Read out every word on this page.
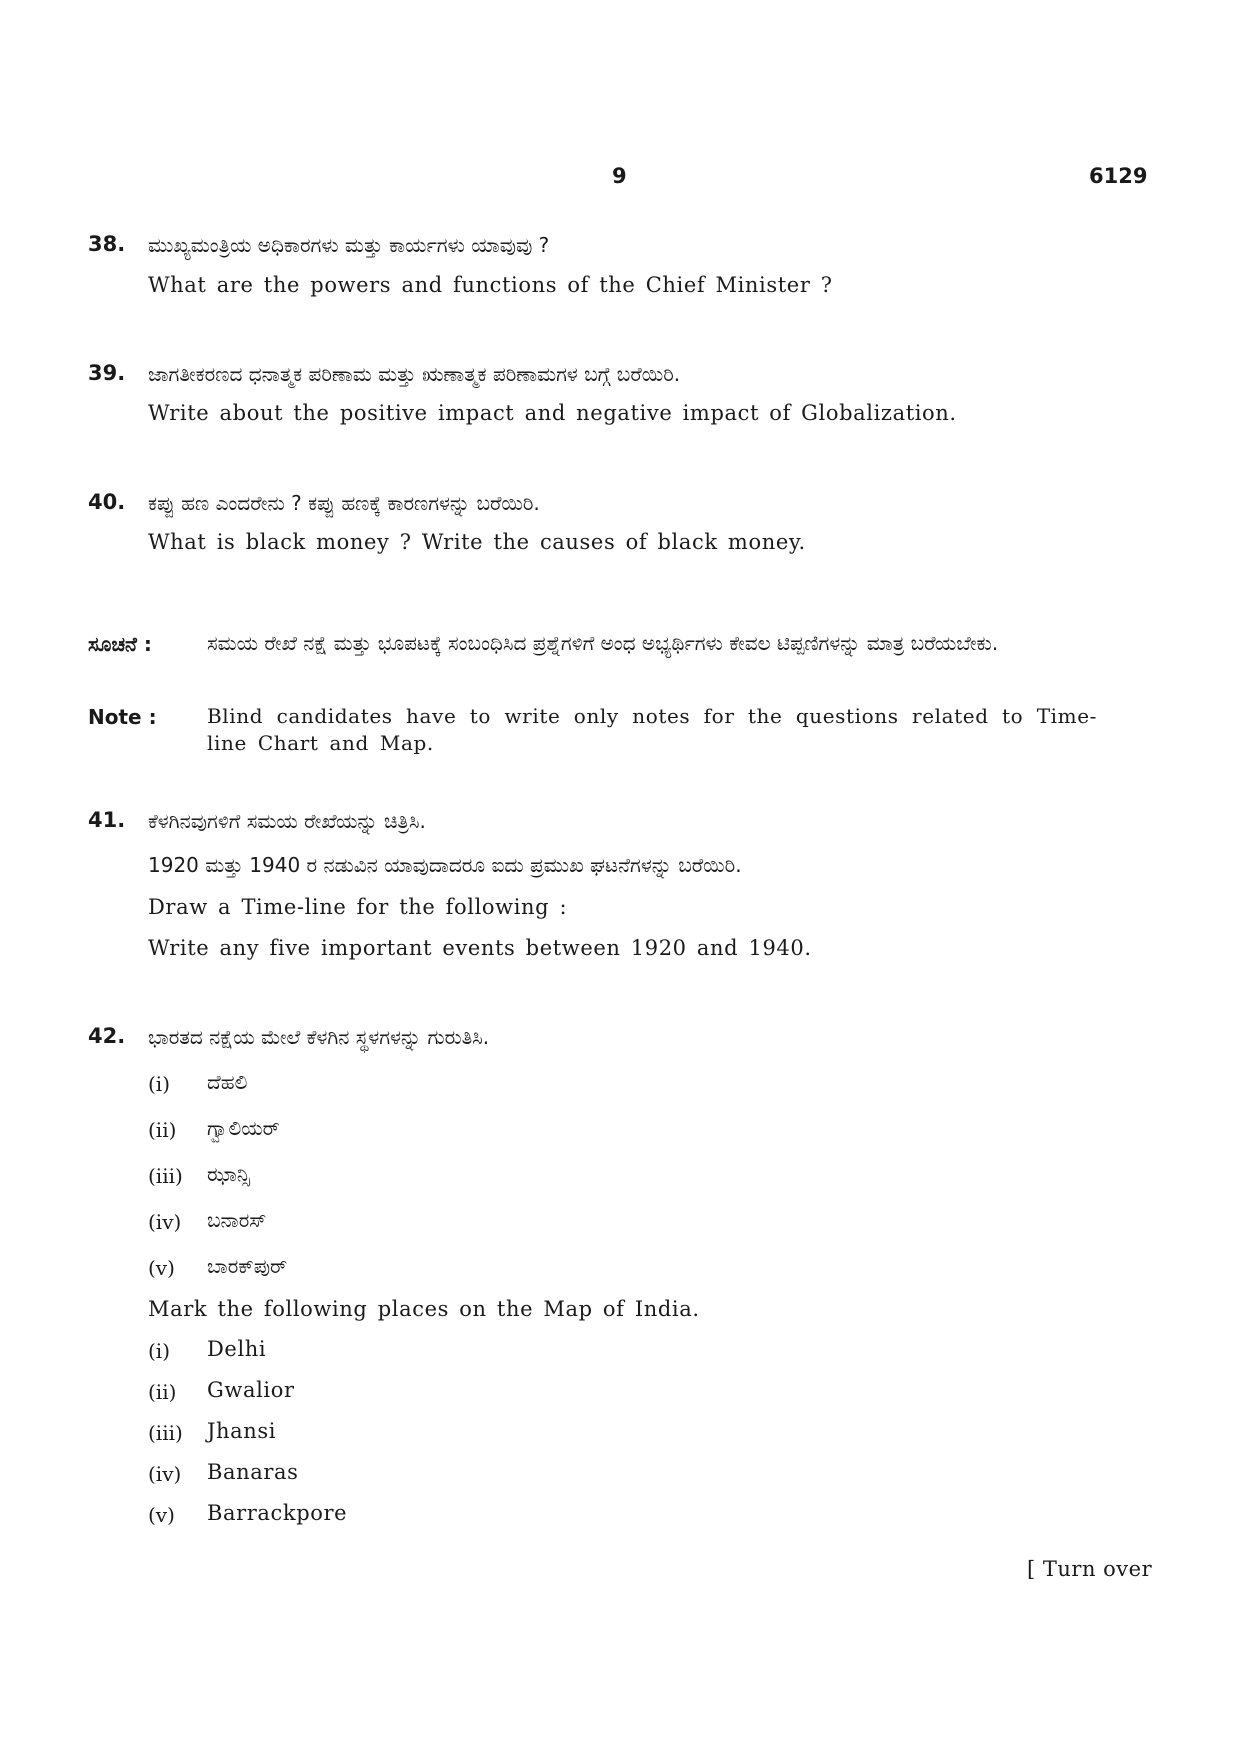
9	6129
38. ಮುಖ್ಯಮಂತ್ರಿಯ ಅಧಿಕಾರಗಳು ಮತ್ತು ಕಾರ್ಯಗಳು ಯಾವುವು ?
What are the powers and functions of the Chief Minister ?
39. ಜಾಗತೀಕರಣದ ಧನಾತ್ಮಕ ಪರಿಣಾಮ ಮತ್ತು ಋಣಾತ್ಮಕ ಪರಿಣಾಮಗಳ ಬಗ್ಗೆ ಬರೆಯಿರಿ.
Write about the positive impact and negative impact of Globalization.
40. ಕಪ್ಪು ಹಣ ಎಂದರೇನು ? ಕಪ್ಪು ಹಣಕ್ಕೆ ಕಾರಣಗಳನ್ನು ಬರೆಯಿರಿ.
What is black money ? Write the causes of black money.
ಸೂಚನೆ :	ಸಮಯ ರೇಖೆ ನಕ್ಷೆ ಮತ್ತು ಭೂಪಟಕ್ಕೆ ಸಂಬಂಧಿಸಿದ ಪ್ರಶ್ನೆಗಳಿಗೆ ಅಂಧ ಅಭ್ಯರ್ಥಿಗಳು ಕೇವಲ ಟಿಪ್ಪಣಿಗಳನ್ನು ಮಾತ್ರ ಬರೆಯಬೇಕು.
Note :	Blind candidates have to write only notes for the questions related to Time-line Chart and Map.
41. ಕೆಳಗಿನವುಗಳಿಗೆ ಸಮಯ ರೇಖೆಯನ್ನು ಚಿತ್ರಿಸಿ.
1920 ಮತ್ತು 1940 ರ ನಡುವಿನ ಯಾವುದಾದರೂ ಐದು ಪ್ರಮುಖ ಘಟನೆಗಳನ್ನು ಬರೆಯಿರಿ.
Draw a Time-line for the following :
Write any five important events between 1920 and 1940.
42. ಭಾರತದ ನಕ್ಷೆಯ ಮೇಲೆ ಕೆಳಗಿನ ಸ್ಥಳಗಳನ್ನು ಗುರುತಿಸಿ.
(i) ದೆಹಲಿ
(ii) ಗ್ವಾಲಿಯರ್
(iii) ಝಾನ್ಸಿ
(iv) ಬನಾರಸ್
(v) ಬಾರಕ್‌ಪುರ್
Mark the following places on the Map of India.
(i) Delhi
(ii) Gwalior
(iii) Jhansi
(iv) Banaras
(v) Barrackpore
[ Turn over
